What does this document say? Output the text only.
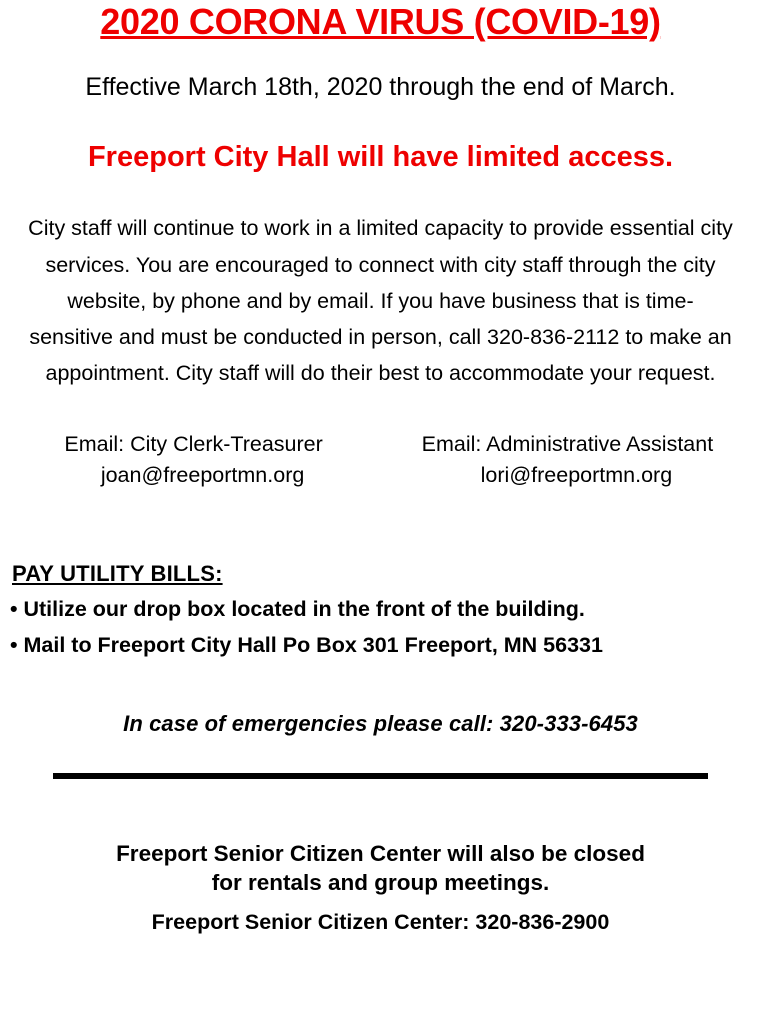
2020 CORONA VIRUS (COVID-19)

Effective March 18th, 2020 through the end of March.

Freeport City Hall will have limited access.

City staff will continue to work in a limited capacity to provide essential city services. You are encouraged to connect with city staff through the city website, by phone and by email. If you have business that is time-sensitive and must be conducted in person, call 320-836-2112 to make an appointment. City staff will do their best to accommodate your request.

Email: City Clerk-Treasurer
joan@freeportmn.org
Email: Administrative Assistant
lori@freeportmn.org
PAY UTILITY BILLS:
• Utilize our drop box located in the front of the building.
• Mail to Freeport City Hall Po Box 301 Freeport, MN 56331
In case of emergencies please call: 320-333-6453
Freeport Senior Citizen Center will also be closed
for rentals and group meetings.
Freeport Senior Citizen Center: 320-836-2900
